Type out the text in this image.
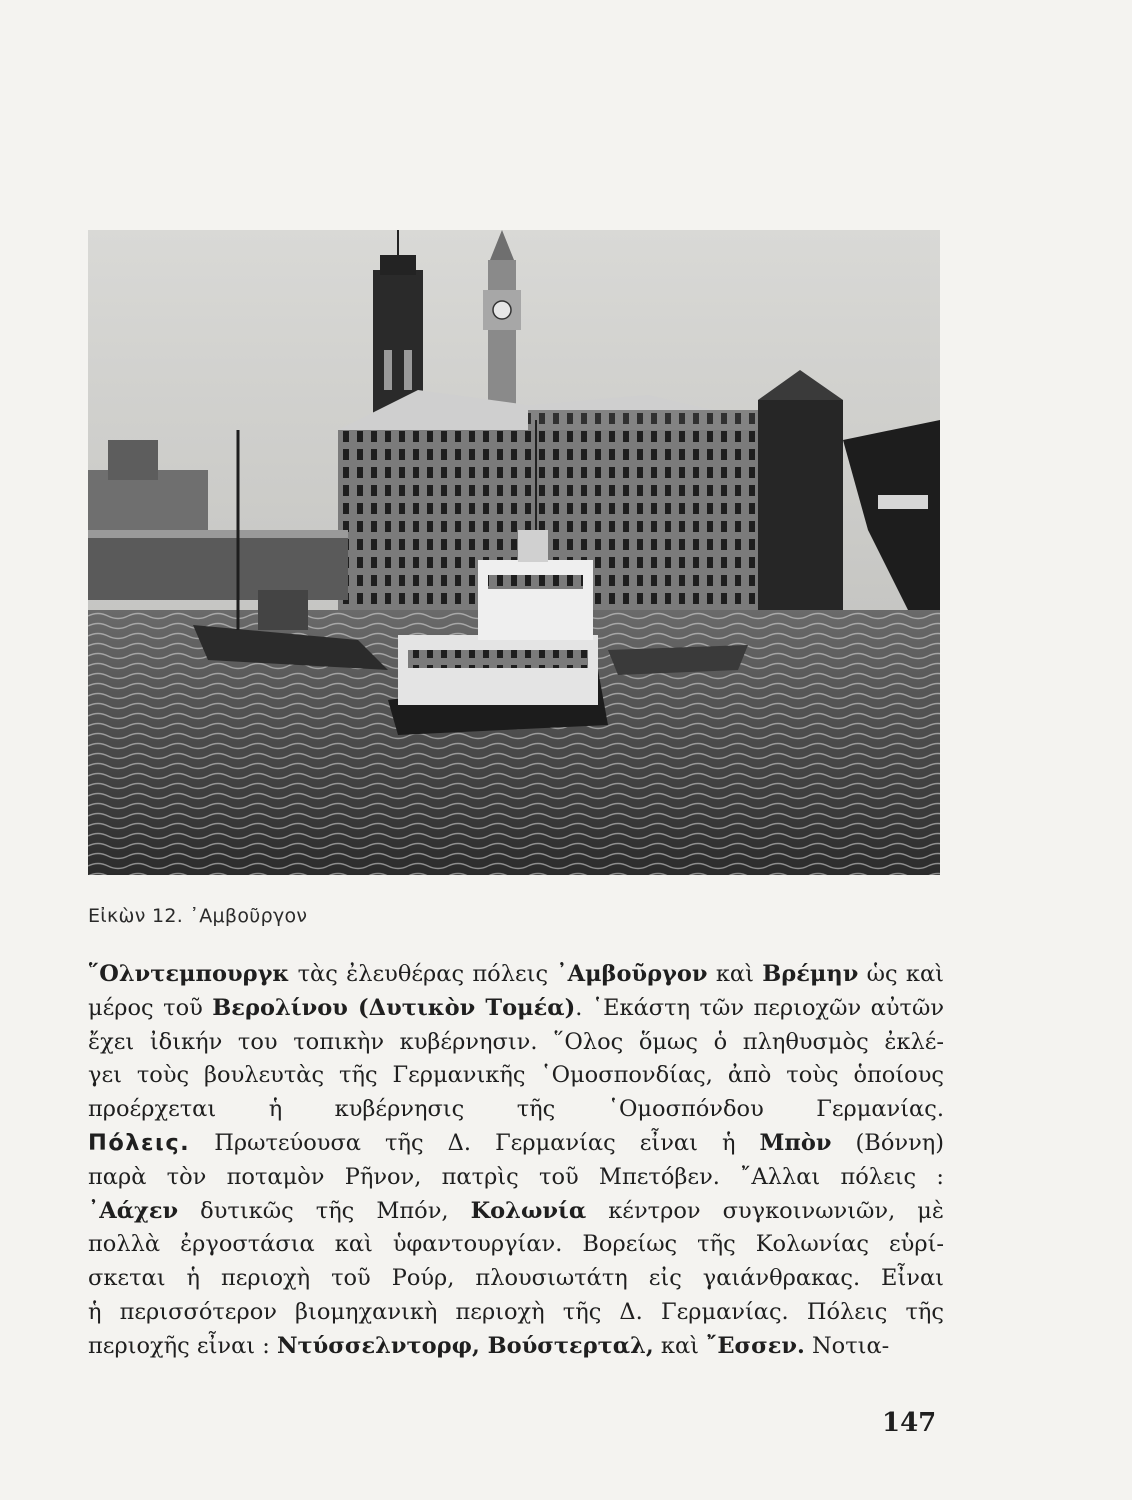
Εἰκὼν 12. ᾿Αμβοῦργον
῞Ολντεμπουργκ τὰς ἐλευθέρας πόλεις ᾿Αμβοῦργον καὶ Βρέμην ὡς καὶ
μέρος τοῦ Βερολίνου (Δυτικὸν Τομέα). ῾Εκάστη τῶν περιοχῶν αὐτῶν
ἔχει ἰδικήν του τοπικὴν κυβέρνησιν. ῞Ολος ὅμως ὁ πληθυσμὸς ἐκλέ-
γει τοὺς βουλευτὰς τῆς Γερμανικῆς ῾Ομοσπονδίας, ἀπὸ τοὺς ὁποίους
προέρχεται ἡ κυβέρνησις τῆς ῾Ομοσπόνδου Γερμανίας.
Πόλεις. Πρωτεύουσα τῆς Δ. Γερμανίας εἶναι ἡ Μπὸν (Βόννη)
παρὰ τὸν ποταμὸν Ρῆνον, πατρὶς τοῦ Μπετόβεν. ῎Αλλαι πόλεις :
᾿Αάχεν δυτικῶς τῆς Μπόν, Κολωνία κέντρον συγκοινωνιῶν, μὲ
πολλὰ ἐργοστάσια καὶ ὑφαντουργίαν. Βορείως τῆς Κολωνίας εὑρί-
σκεται ἡ περιοχὴ τοῦ Ρούρ, πλουσιωτάτη εἰς γαιάνθρακας. Εἶναι
ἡ περισσότερον βιομηχανικὴ περιοχὴ τῆς Δ. Γερμανίας. Πόλεις τῆς
περιοχῆς εἶναι : Ντύσσελντορφ, Βούστερταλ, καὶ ῎Εσσεν. Νοτια-
147
